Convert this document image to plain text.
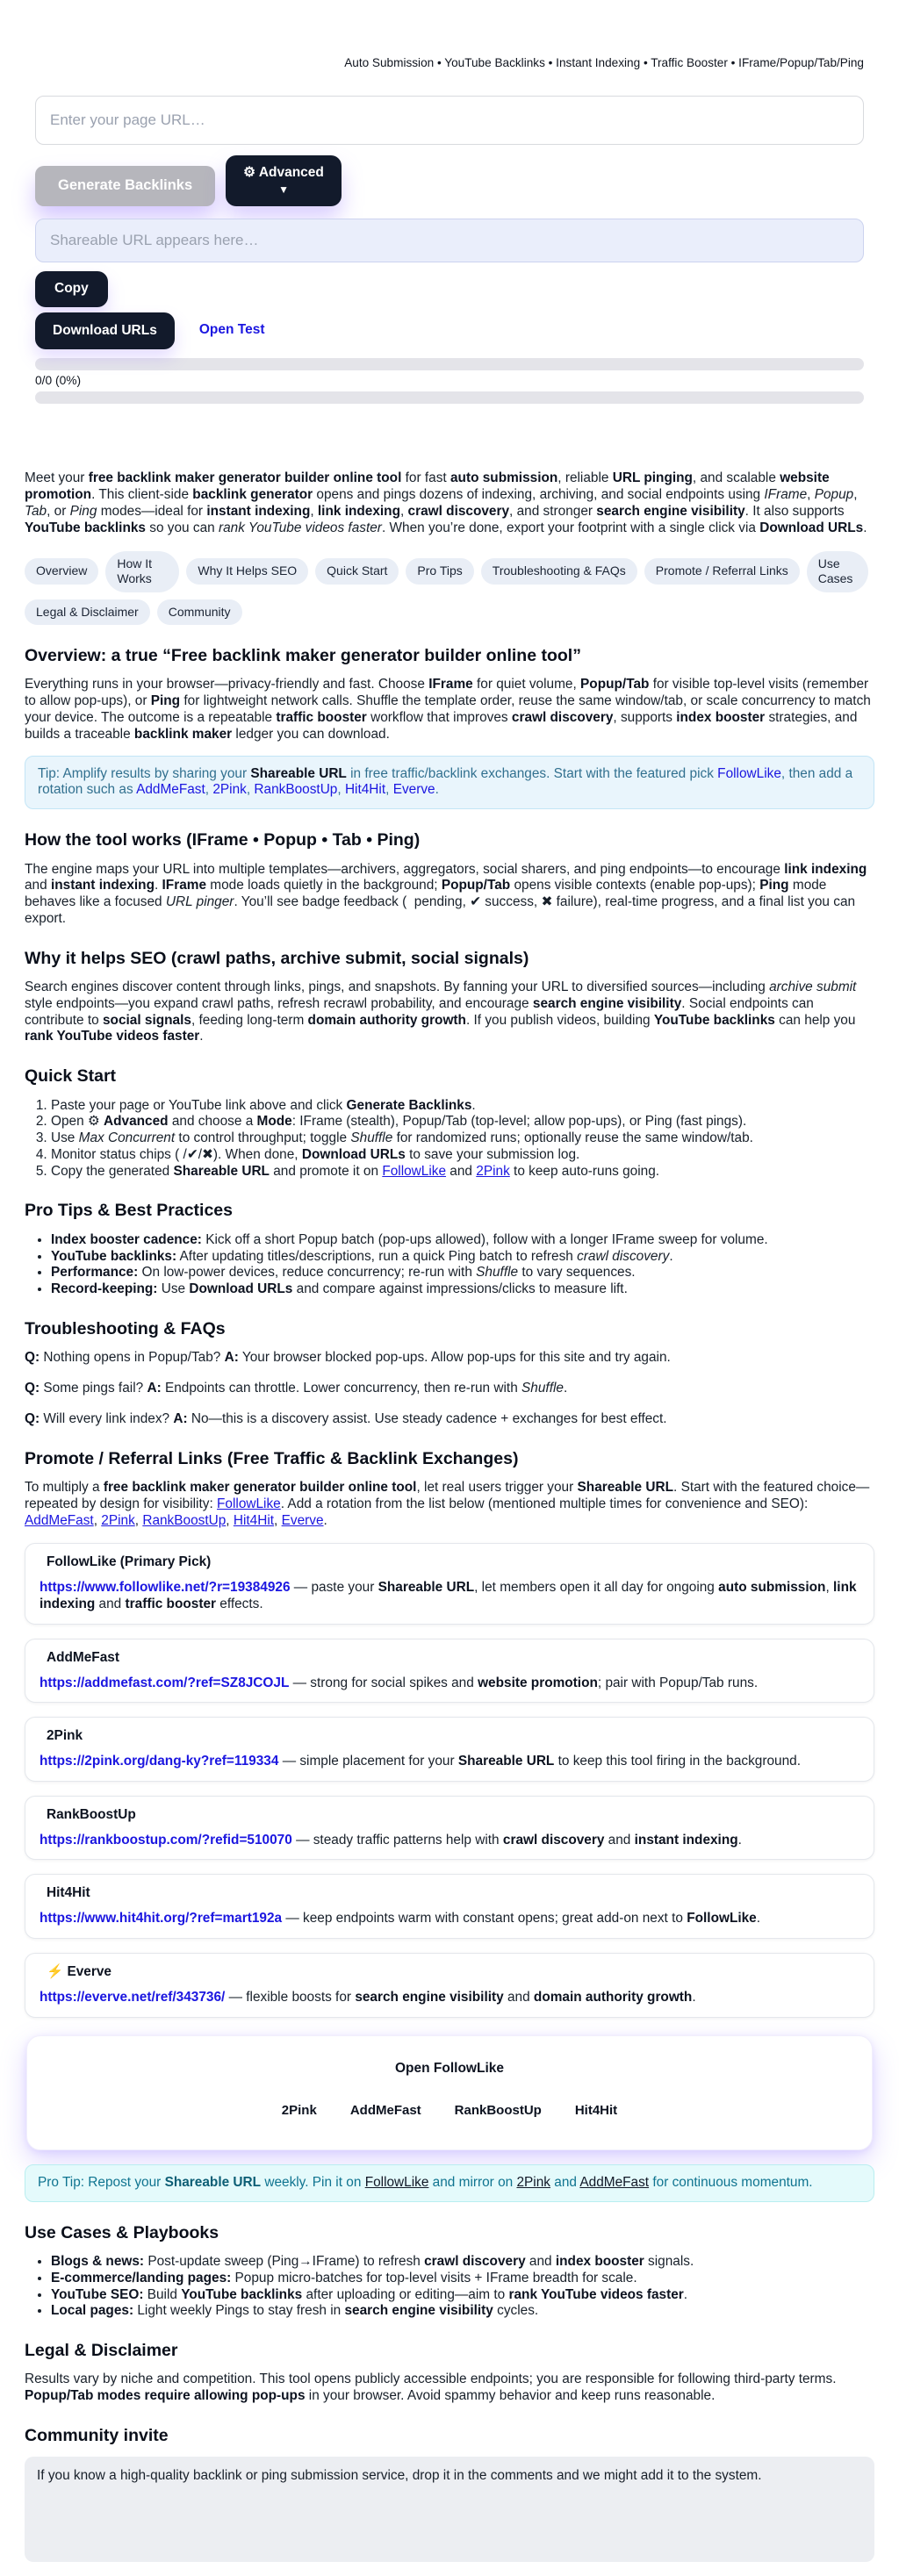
Auto Submission • YouTube Backlinks • Instant Indexing • Traffic Booster • IFrame/Popup/Tab/Ping
Enter your page URL…
Generate Backlinks
⚙ Advanced
▼
Shareable URL appears here…
Copy
Download URLs	Open Test
0/0 (0%)

Meet your free backlink maker generator builder online tool for fast auto submission, reliable URL pinging, and scalable website promotion. This client-side backlink generator opens and pings dozens of indexing, archiving, and social endpoints using IFrame, Popup, Tab, or Ping modes—ideal for instant indexing, link indexing, crawl discovery, and stronger search engine visibility. It also supports YouTube backlinks so you can rank YouTube videos faster. When you’re done, export your footprint with a single click via Download URLs.

Overview
How It Works
Why It Helps SEO	Quick Start	Pro Tips	Troubleshooting & FAQs	Promote / Referral Links
Use Cases
Legal & Disclaimer	Community
Overview: a true “Free backlink maker generator builder online tool”

Everything runs in your browser—privacy-friendly and fast. Choose IFrame for quiet volume, Popup/Tab for visible top-level visits (remember to allow pop-ups), or Ping for lightweight network calls. Shuffle the template order, reuse the same window/tab, or scale concurrency to match your device. The outcome is a repeatable traffic booster workflow that improves crawl discovery, supports index booster strategies, and builds a traceable backlink maker ledger you can download.

Tip: Amplify results by sharing your Shareable URL in free traffic/backlink exchanges. Start with the featured pick FollowLike, then add a rotation such as AddMeFast, 2Pink, RankBoostUp, Hit4Hit, Everve.
How the tool works (IFrame • Popup • Tab • Ping)

The engine maps your URL into multiple templates—archivers, aggregators, social sharers, and ping endpoints—to encourage link indexing and instant indexing. IFrame mode loads quietly in the background; Popup/Tab opens visible contexts (enable pop-ups); Ping mode behaves like a focused URL pinger. You’ll see badge feedback (  pending, ✔ success, ✖ failure), real-time progress, and a final list you can export.

Why it helps SEO (crawl paths, archive submit, social signals)

Search engines discover content through links, pings, and snapshots. By fanning your URL to diversified sources—including archive submit style endpoints—you expand crawl paths, refresh recrawl probability, and encourage search engine visibility. Social endpoints can contribute to social signals, feeding long-term domain authority growth. If you publish videos, building YouTube backlinks can help you rank YouTube videos faster.

Quick Start
1. Paste your page or YouTube link above and click Generate Backlinks.
2. Open ⚙ Advanced and choose a Mode: IFrame (stealth), Popup/Tab (top-level; allow pop-ups), or Ping (fast pings).
3. Use Max Concurrent to control throughput; toggle Shuffle for randomized runs; optionally reuse the same window/tab.
4. Monitor status chips ( /✔/✖). When done, Download URLs to save your submission log.
5. Copy the generated Shareable URL and promote it on FollowLike and 2Pink to keep auto-runs going.
Pro Tips & Best Practices
• Index booster cadence: Kick off a short Popup batch (pop-ups allowed), follow with a longer IFrame sweep for volume.
• YouTube backlinks: After updating titles/descriptions, run a quick Ping batch to refresh crawl discovery.
• Performance: On low-power devices, reduce concurrency; re-run with Shuffle to vary sequences.
• Record-keeping: Use Download URLs and compare against impressions/clicks to measure lift.
Troubleshooting & FAQs

Q: Nothing opens in Popup/Tab? A: Your browser blocked pop-ups. Allow pop-ups for this site and try again.

Q: Some pings fail? A: Endpoints can throttle. Lower concurrency, then re-run with Shuffle.

Q: Will every link index? A: No—this is a discovery assist. Use steady cadence + exchanges for best effect.

Promote / Referral Links (Free Traffic & Backlink Exchanges)

To multiply a free backlink maker generator builder online tool, let real users trigger your Shareable URL. Start with the featured choice—repeated by design for visibility: FollowLike. Add a rotation from the list below (mentioned multiple times for convenience and SEO): AddMeFast, 2Pink, RankBoostUp, Hit4Hit, Everve.

FollowLike (Primary Pick)

https://www.followlike.net/?r=19384926 — paste your Shareable URL, let members open it all day for ongoing auto submission, link indexing and traffic booster effects.

AddMeFast

https://addmefast.com/?ref=SZ8JCOJL — strong for social spikes and website promotion; pair with Popup/Tab runs.

2Pink

https://2pink.org/dang-ky?ref=119334 — simple placement for your Shareable URL to keep this tool firing in the background.

RankBoostUp

https://rankboostup.com/?refid=510070 — steady traffic patterns help with crawl discovery and instant indexing.

Hit4Hit

https://www.hit4hit.org/?ref=mart192a — keep endpoints warm with constant opens; great add-on next to FollowLike.

⚡ Everve

https://everve.net/ref/343736/ — flexible boosts for search engine visibility and domain authority growth.

Open FollowLike
2Pink	AddMeFast	RankBoostUp	Hit4Hit
Pro Tip: Repost your Shareable URL weekly. Pin it on FollowLike and mirror on 2Pink and AddMeFast for continuous momentum.
Use Cases & Playbooks
• Blogs & news: Post-update sweep (Ping→IFrame) to refresh crawl discovery and index booster signals.
• E-commerce/landing pages: Popup micro-batches for top-level visits + IFrame breadth for scale.
• YouTube SEO: Build YouTube backlinks after uploading or editing—aim to rank YouTube videos faster.
• Local pages: Light weekly Pings to stay fresh in search engine visibility cycles.
Legal & Disclaimer

Results vary by niche and competition. This tool opens publicly accessible endpoints; you are responsible for following third-party terms. Popup/Tab modes require allowing pop-ups in your browser. Avoid spammy behavior and keep runs reasonable.

Community invite

If you know a high-quality backlink or ping submission service, drop it in the comments and we might add it to the system.
